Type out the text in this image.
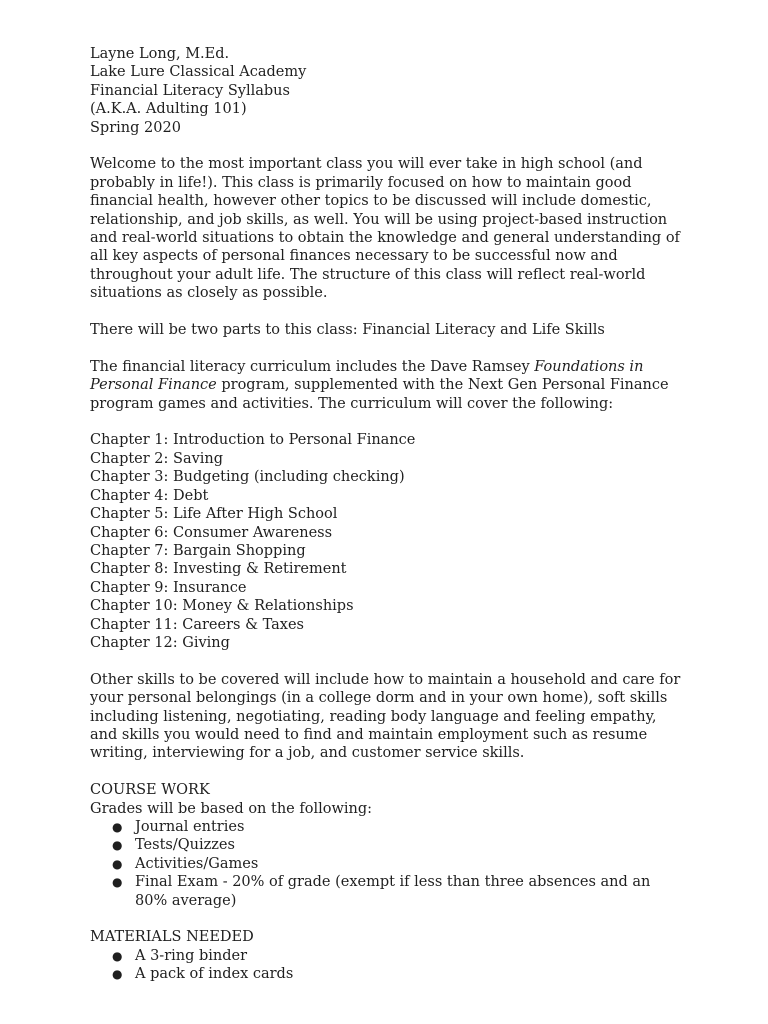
Layne Long, M.Ed.
Lake Lure Classical Academy
Financial Literacy Syllabus
(A.K.A. Adulting 101)
Spring 2020

Welcome to the most important class you will ever take in high school (and probably in life!). This class is primarily focused on how to maintain good financial health, however other topics to be discussed will include domestic, relationship, and job skills, as well. You will be using project-based instruction and real-world situations to obtain the knowledge and general understanding of all key aspects of personal finances necessary to be successful now and throughout your adult life. The structure of this class will reflect real-world situations as closely as possible.

There will be two parts to this class: Financial Literacy and Life Skills

The financial literacy curriculum includes the Dave Ramsey Foundations in Personal Finance program, supplemented with the Next Gen Personal Finance program games and activities. The curriculum will cover the following:

Chapter 1: Introduction to Personal Finance
Chapter 2: Saving
Chapter 3: Budgeting (including checking)
Chapter 4: Debt
Chapter 5: Life After High School
Chapter 6: Consumer Awareness
Chapter 7: Bargain Shopping
Chapter 8: Investing & Retirement
Chapter 9: Insurance
Chapter 10: Money & Relationships
Chapter 11: Careers & Taxes
Chapter 12: Giving

Other skills to be covered will include how to maintain a household and care for your personal belongings (in a college dorm and in your own home), soft skills including listening, negotiating, reading body language and feeling empathy, and skills you would need to find and maintain employment such as resume writing, interviewing for a job, and customer service skills.

COURSE WORK
Grades will be based on the following:
● Journal entries
● Tests/Quizzes
● Activities/Games
● Final Exam - 20% of grade (exempt if less than three absences and an 80% average)
MATERIALS NEEDED
● A 3-ring binder
● A pack of index cards
